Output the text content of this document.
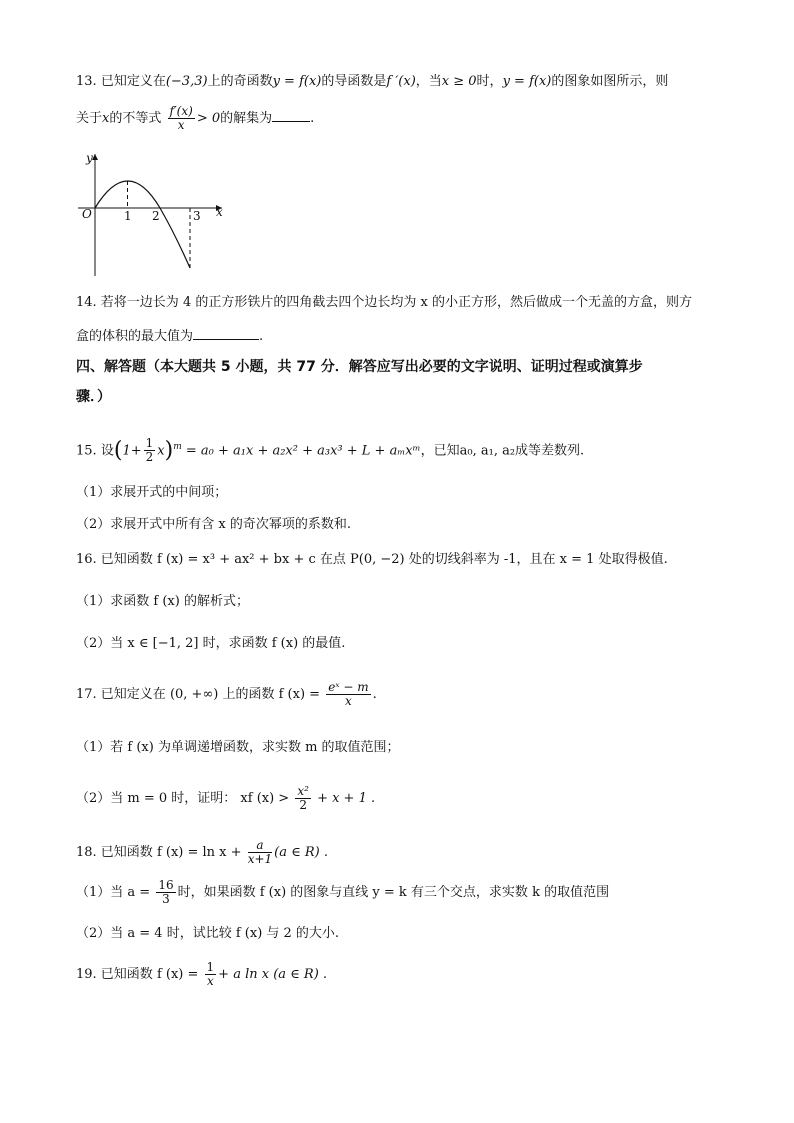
13. 已知定义在(−3,3)上的奇函数y = f(x)的导函数是f ′(x)，当x ≥ 0时，y = f(x)的图象如图所示，则
关于x的不等式 $\frac{f'(x)}{x} > 0$的解集为	.
y
x
O	1 2	3
14. 若将一边长为 4 的正方形铁片的四角截去四个边长均为 x 的小正方形，然后做成一个无盖的方盒，则方
盒的体积的最大值为	.
四、解答题（本大题共 5 小题，共 77 分．解答应写出必要的文字说明、证明过程或演算步
骤．）
15. 设$(1+ \frac{1}{2} x)^m = a_0 + a_1x + a_2x^2 + a_3x^3 + L$ + aₘxᵐ，已知a₀, a₁, a₂成等差数列.
（1）求展开式的中间项；
（2）求展开式中所有含 x 的奇次幂项的系数和.
16. 已知函数 f (x) = x³ + ax² + bx + c 在点 P(0, −2) 处的切线斜率为 -1，且在 x = 1 处取得极值.
（1）求函数 f (x) 的解析式；
（2）当 x ∈ [−1, 2] 时，求函数 f (x) 的最值.
17. 已知定义在 (0, +∞) 上的函数 f $(x) = \frac{\text{eˣ − m}}{x}$ .
（1）若 f (x) 为单调递增函数，求实数 m 的取值范围；
（2）当 m = 0 时，证明： xf $(x) > \frac{\text{x²}}{2} + x + 1$ .
18. 已知函数 f $(x) = \ln x + \frac{a}{x+1} (a$ ∈ R) .
（1）当 $a = \frac{16}{3}$ 时，如果函数 f (x) 的图象与直线 y = k 有三个交点，求实数 k 的取值范围
（2）当 a = 4 时，试比较 f (x) 与 2 的大小.
19. 已知函数 f $(x) = \frac{1}{x} + a$ ln x (a ∈ R) .
